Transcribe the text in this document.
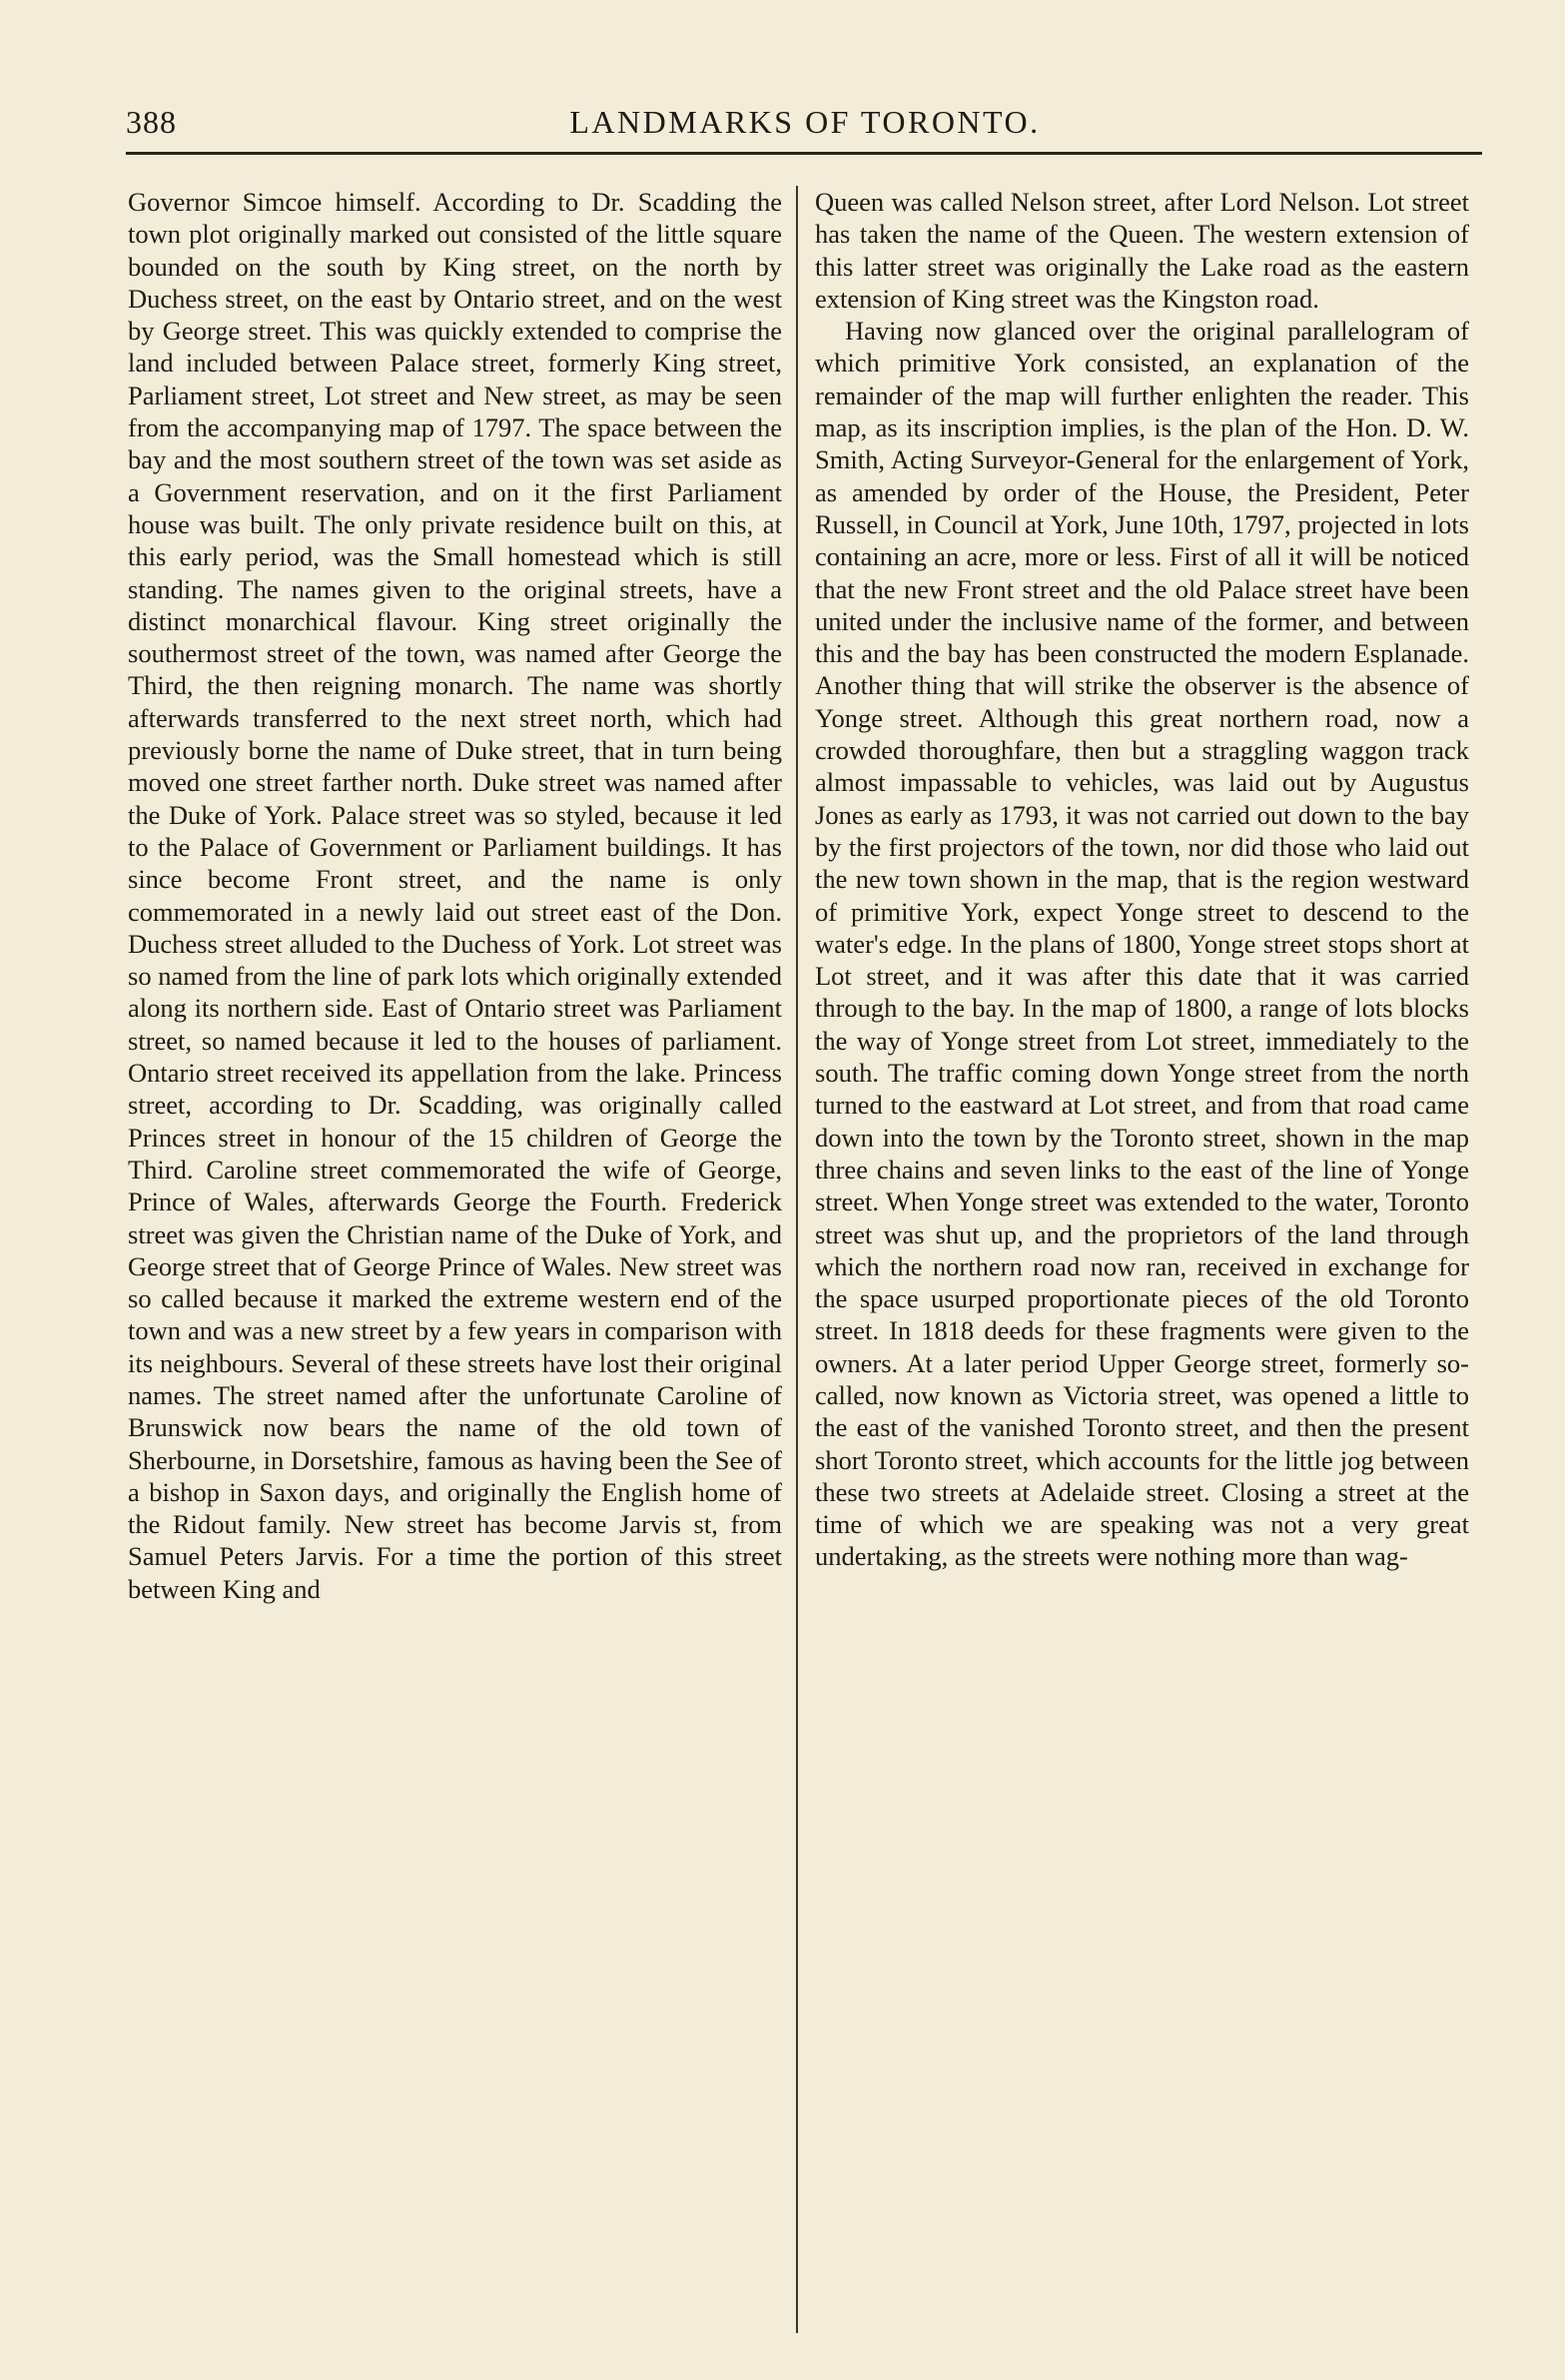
388	LANDMARKS OF TORONTO.

Governor Simcoe himself. According to Dr. Scadding the town plot originally marked out consisted of the little square bounded on the south by King street, on the north by Duchess street, on the east by Ontario street, and on the west by George street. This was quickly extended to comprise the land included between Palace street, formerly King street, Parliament street, Lot street and New street, as may be seen from the accompanying map of 1797. The space between the bay and the most southern street of the town was set aside as a Government reservation, and on it the first Parliament house was built. The only private residence built on this, at this early period, was the Small homestead which is still standing. The names given to the original streets, have a distinct monarchical flavour. King street originally the southermost street of the town, was named after George the Third, the then reigning monarch. The name was shortly afterwards transferred to the next street north, which had previously borne the name of Duke street, that in turn being moved one street farther north. Duke street was named after the Duke of York. Palace street was so styled, because it led to the Palace of Government or Parliament buildings. It has since become Front street, and the name is only commemorated in a newly laid out street east of the Don. Duchess street alluded to the Duchess of York. Lot street was so named from the line of park lots which originally extended along its northern side. East of Ontario street was Parliament street, so named because it led to the houses of parliament. Ontario street received its appellation from the lake. Princess street, according to Dr. Scadding, was originally called Princes street in honour of the 15 children of George the Third. Caroline street commemorated the wife of George, Prince of Wales, afterwards George the Fourth. Frederick street was given the Christian name of the Duke of York, and George street that of George Prince of Wales. New street was so called because it marked the extreme western end of the town and was a new street by a few years in comparison with its neighbours. Several of these streets have lost their original names. The street named after the unfortunate Caroline of Brunswick now bears the name of the old town of Sherbourne, in Dorsetshire, famous as having been the See of a bishop in Saxon days, and originally the English home of the Ridout family. New street has become Jarvis st, from Samuel Peters Jarvis. For a time the portion of this street between King and

Queen was called Nelson street, after Lord Nelson. Lot street has taken the name of the Queen. The western extension of this latter street was originally the Lake road as the eastern extension of King street was the Kingston road.

Having now glanced over the original parallelogram of which primitive York consisted, an explanation of the remainder of the map will further enlighten the reader. This map, as its inscription implies, is the plan of the Hon. D. W. Smith, Acting Surveyor-General for the enlargement of York, as amended by order of the House, the President, Peter Russell, in Council at York, June 10th, 1797, projected in lots containing an acre, more or less. First of all it will be noticed that the new Front street and the old Palace street have been united under the inclusive name of the former, and between this and the bay has been constructed the modern Esplanade. Another thing that will strike the observer is the absence of Yonge street. Although this great northern road, now a crowded thoroughfare, then but a straggling waggon track almost impassable to vehicles, was laid out by Augustus Jones as early as 1793, it was not carried out down to the bay by the first projectors of the town, nor did those who laid out the new town shown in the map, that is the region westward of primitive York, expect Yonge street to descend to the water's edge. In the plans of 1800, Yonge street stops short at Lot street, and it was after this date that it was carried through to the bay. In the map of 1800, a range of lots blocks the way of Yonge street from Lot street, immediately to the south. The traffic coming down Yonge street from the north turned to the eastward at Lot street, and from that road came down into the town by the Toronto street, shown in the map three chains and seven links to the east of the line of Yonge street. When Yonge street was extended to the water, Toronto street was shut up, and the proprietors of the land through which the northern road now ran, received in exchange for the space usurped proportionate pieces of the old Toronto street. In 1818 deeds for these fragments were given to the owners. At a later period Upper George street, formerly so-called, now known as Victoria street, was opened a little to the east of the vanished Toronto street, and then the present short Toronto street, which accounts for the little jog between these two streets at Adelaide street. Closing a street at the time of which we are speaking was not a very great undertaking, as the streets were nothing more than wag-
